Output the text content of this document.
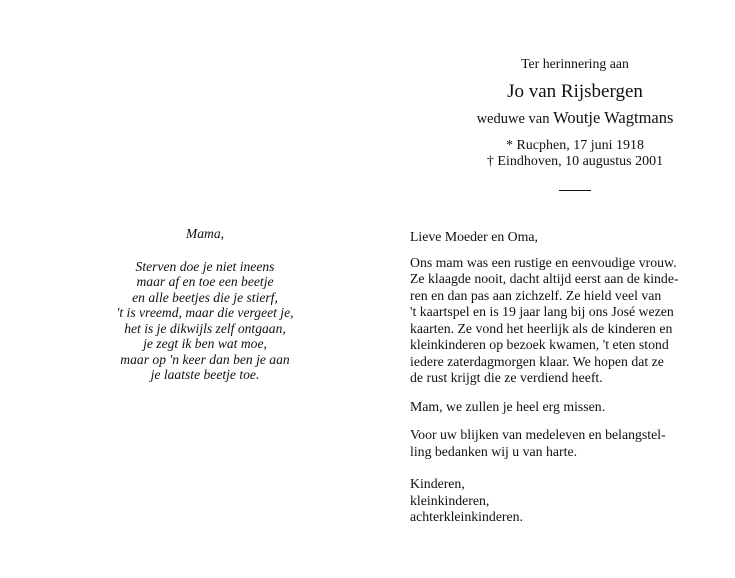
Mama,
Sterven doe je niet ineens
maar af en toe een beetje
en alle beetjes die je stierf,
't is vreemd, maar die vergeet je,
het is je dikwijls zelf ontgaan,
je zegt ik ben wat moe,
maar op 'n keer dan ben je aan
je laatste beetje toe.
Ter herinnering aan
Jo van Rijsbergen
weduwe van Woutje Wagtmans
* Rucphen, 17 juni 1918
† Eindhoven, 10 augustus 2001
Lieve Moeder en Oma,
Ons mam was een rustige en eenvoudige vrouw.
Ze klaagde nooit, dacht altijd eerst aan de kinde-
ren en dan pas aan zichzelf. Ze hield veel van
't kaartspel en is 19 jaar lang bij ons José wezen
kaarten. Ze vond het heerlijk als de kinderen en
kleinkinderen op bezoek kwamen, 't eten stond
iedere zaterdagmorgen klaar. We hopen dat ze
de rust krijgt die ze verdiend heeft.
Mam, we zullen je heel erg missen.
Voor uw blijken van medeleven en belangstel-
ling bedanken wij u van harte.
Kinderen,
kleinkinderen,
achterkleinkinderen.
